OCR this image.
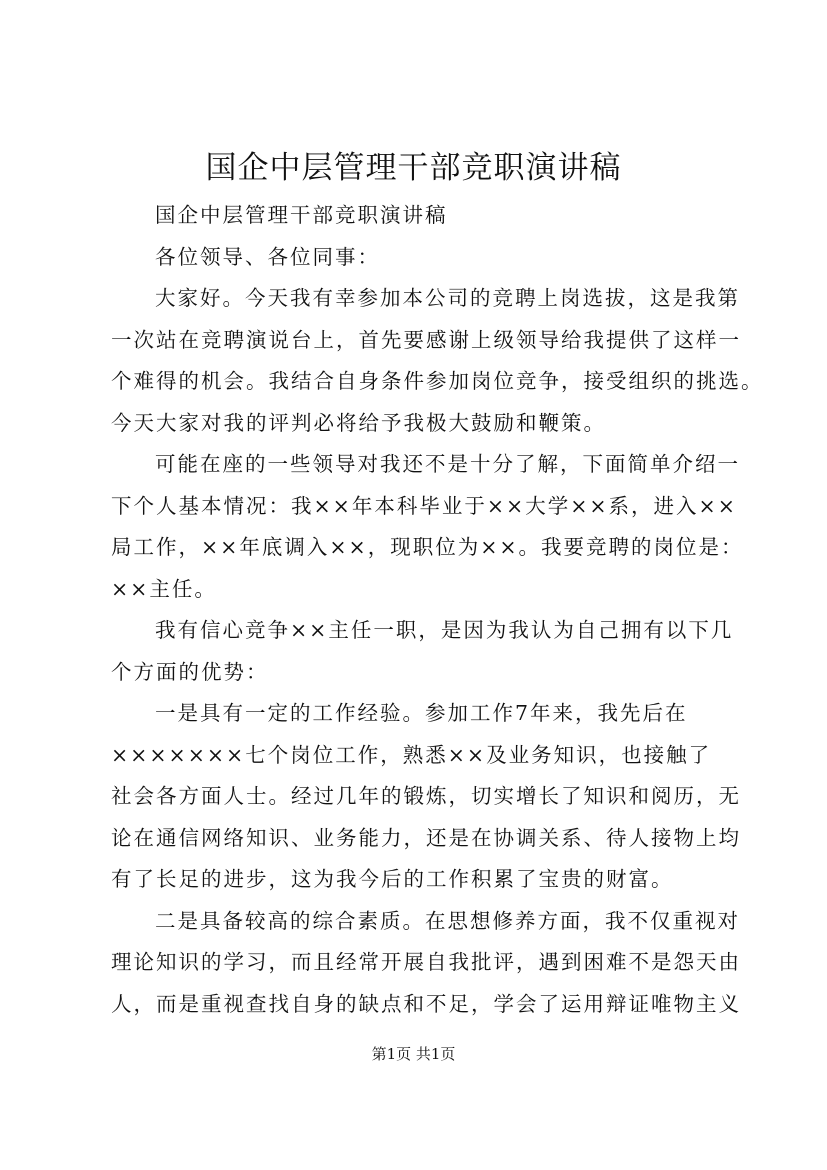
国企中层管理干部竞职演讲稿
国企中层管理干部竞职演讲稿
各位领导、各位同事：
大家好。今天我有幸参加本公司的竞聘上岗选拔，这是我第
一次站在竞聘演说台上，首先要感谢上级领导给我提供了这样一
个难得的机会。我结合自身条件参加岗位竞争，接受组织的挑选。
今天大家对我的评判必将给予我极大鼓励和鞭策。
可能在座的一些领导对我还不是十分了解，下面简单介绍一
下个人基本情况：我××年本科毕业于××大学××系，进入××
局工作，××年底调入××，现职位为××。我要竞聘的岗位是：
××主任。
我有信心竞争××主任一职，是因为我认为自己拥有以下几
个方面的优势：
一是具有一定的工作经验。参加工作7年来，我先后在
×××××××七个岗位工作，熟悉××及业务知识，也接触了
社会各方面人士。经过几年的锻炼，切实增长了知识和阅历，无
论在通信网络知识、业务能力，还是在协调关系、待人接物上均
有了长足的进步，这为我今后的工作积累了宝贵的财富。
二是具备较高的综合素质。在思想修养方面，我不仅重视对
理论知识的学习，而且经常开展自我批评，遇到困难不是怨天由
人，而是重视查找自身的缺点和不足，学会了运用辩证唯物主义
第1页 共1页
